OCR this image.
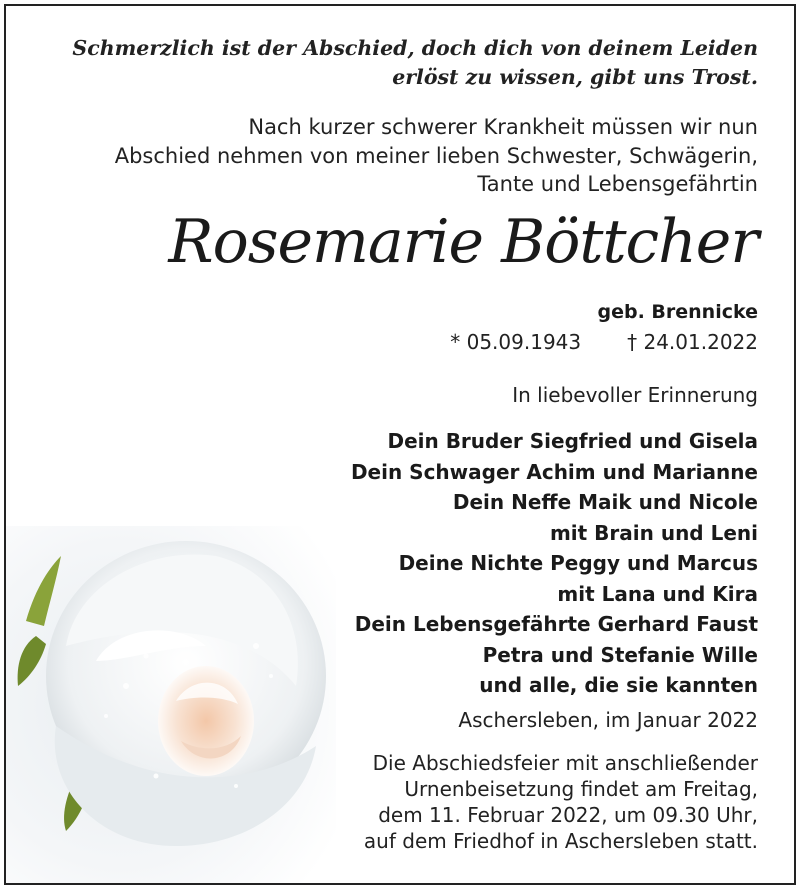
Schmerzlich ist der Abschied, doch dich von deinem Leiden
erlöst zu wissen, gibt uns Trost.
Nach kurzer schwerer Krankheit müssen wir nun
Abschied nehmen von meiner lieben Schwester, Schwägerin,
Tante und Lebensgefährtin
Rosemarie Böttcher
geb. Brennicke
* 05.09.1943 † 24.01.2022
In liebevoller Erinnerung
Dein Bruder Siegfried und Gisela
Dein Schwager Achim und Marianne
Dein Neffe Maik und Nicole
mit Brain und Leni
Deine Nichte Peggy und Marcus
mit Lana und Kira
Dein Lebensgefährte Gerhard Faust
Petra und Stefanie Wille
und alle, die sie kannten
Aschersleben, im Januar 2022
Die Abschiedsfeier mit anschließender
Urnenbeisetzung findet am Freitag,
dem 11. Februar 2022, um 09.30 Uhr,
auf dem Friedhof in Aschersleben statt.
